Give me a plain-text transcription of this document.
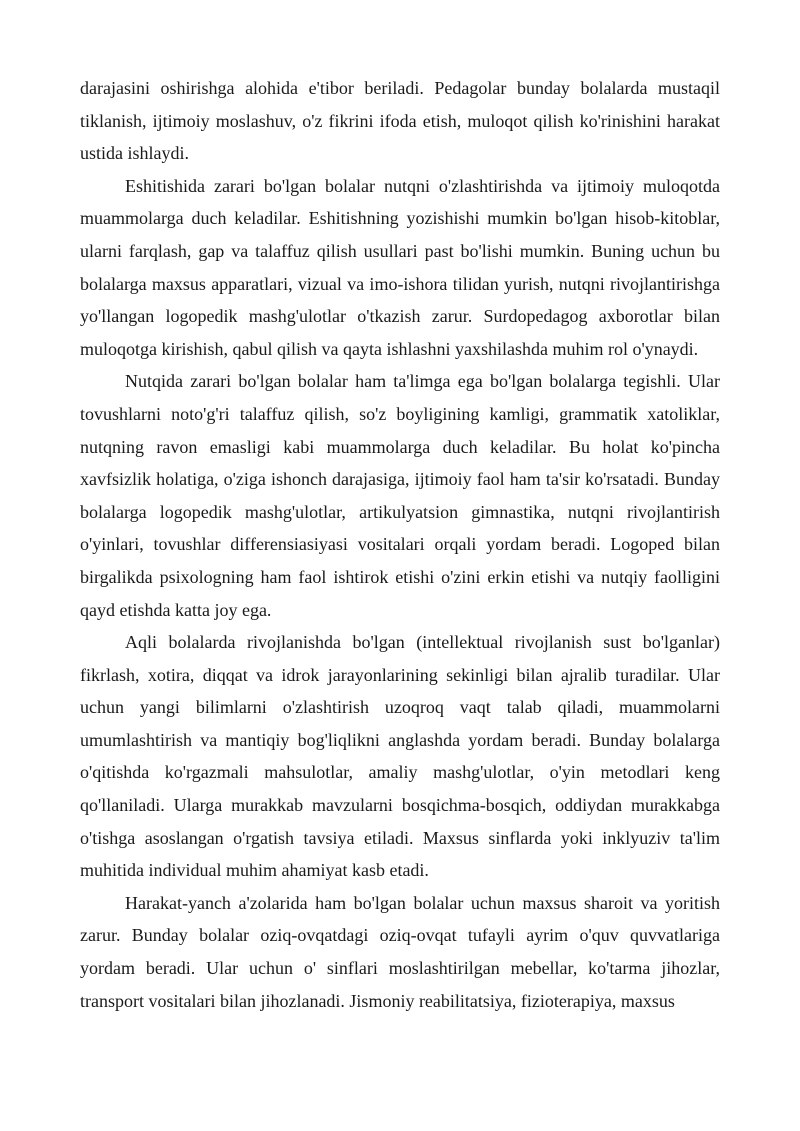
darajasini oshirishga alohida e'tibor beriladi. Pedagolar bunday bolalarda mustaqil tiklanish, ijtimoiy moslashuv, o'z fikrini ifoda etish, muloqot qilish ko'rinishini harakat ustida ishlaydi.

Eshitishida zarari bo'lgan bolalar nutqni o'zlashtirishda va ijtimoiy muloqotda muammolarga duch keladilar. Eshitishning yozishishi mumkin bo'lgan hisob-kitoblar, ularni farqlash, gap va talaffuz qilish usullari past bo'lishi mumkin. Buning uchun bu bolalarga maxsus apparatlari, vizual va imo-ishora tilidan yurish, nutqni rivojlantirishga yo'llangan logopedik mashg'ulotlar o'tkazish zarur. Surdopedagog axborotlar bilan muloqotga kirishish, qabul qilish va qayta ishlashni yaxshilashda muhim rol o'ynaydi.

Nutqida zarari bo'lgan bolalar ham ta'limga ega bo'lgan bolalarga tegishli. Ular tovushlarni noto'g'ri talaffuz qilish, so'z boyligining kamligi, grammatik xatoliklar, nutqning ravon emasligi kabi muammolarga duch keladilar. Bu holat ko'pincha xavfsizlik holatiga, o'ziga ishonch darajasiga, ijtimoiy faol ham ta'sir ko'rsatadi. Bunday bolalarga logopedik mashg'ulotlar, artikulyatsion gimnastika, nutqni rivojlantirish o'yinlari, tovushlar differensiasiyasi vositalari orqali yordam beradi. Logoped bilan birgalikda psixologning ham faol ishtirok etishi o'zini erkin etishi va nutqiy faolligini qayd etishda katta joy ega.

Aqli bolalarda rivojlanishda bo'lgan (intellektual rivojlanish sust bo'lganlar) fikrlash, xotira, diqqat va idrok jarayonlarining sekinligi bilan ajralib turadilar. Ular uchun yangi bilimlarni o'zlashtirish uzoqroq vaqt talab qiladi, muammolarni umumlashtirish va mantiqiy bog'liqlikni anglashda yordam beradi. Bunday bolalarga o'qitishda ko'rgazmali mahsulotlar, amaliy mashg'ulotlar, o'yin metodlari keng qo'llaniladi. Ularga murakkab mavzularni bosqichma-bosqich, oddiydan murakkabga o'tishga asoslangan o'rgatish tavsiya etiladi. Maxsus sinflarda yoki inklyuziv ta'lim muhitida individual muhim ahamiyat kasb etadi.

Harakat-yanch a'zolarida ham bo'lgan bolalar uchun maxsus sharoit va yoritish zarur. Bunday bolalar oziq-ovqatdagi oziq-ovqat tufayli ayrim o'quv quvvatlariga yordam beradi. Ular uchun o' sinflari moslashtirilgan mebellar, ko'tarma jihozlar, transport vositalari bilan jihozlanadi. Jismoniy reabilitatsiya, fizioterapiya, maxsus
